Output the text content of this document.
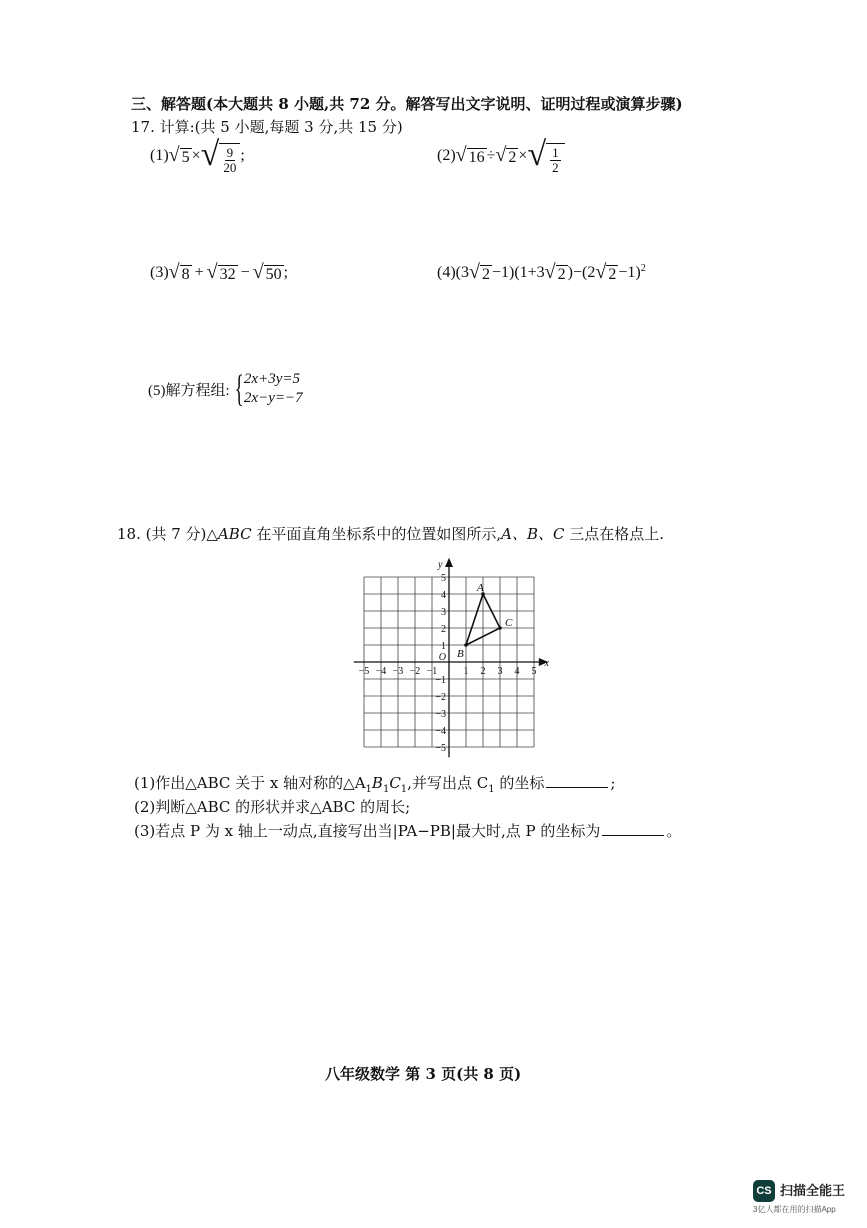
三、解答题(本大题共 8 小题,共 72 分。解答写出文字说明、证明过程或演算步骤)
17. 计算:(共 5 小题,每题 3 分,共 15 分)
(1) √ 5 × √ $\frac{9}{20}$ ;	(2) √ 16 ÷ √ 2 × √ $\frac{1}{2}$
(3) √ 8 + √ 32 − √ 50 ;	(4) (3 √ 2 −1)(1+3 √ 2 )−(2 √ 2 −1) 2
(5)解方程组: { 2x+3y=5
2x−y=−7
18. (共 7 分)△ABC 在平面直角坐标系中的位置如图所示,A、B、C 三点在格点上.
−5 −4 −3 −2 −1	1 2 3 4 5
5
4
3
2
1
−1
−2
−3
−4
−5
O
x
y
A
B
C
(1)作出△ABC 关于 x 轴对称的$\triangle A_1B_1C_1$,并写出点 $C_1$ 的坐标	;
(2)判断△ABC 的形状并求△ABC 的周长;
(3)若点 P 为 x 轴上一动点,直接写出当|PA−PB|最大时,点 P 的坐标为	。
八年级数学 第 3 页(共 8 页)
CS 扫描全能王
3亿人都在用的扫描App
